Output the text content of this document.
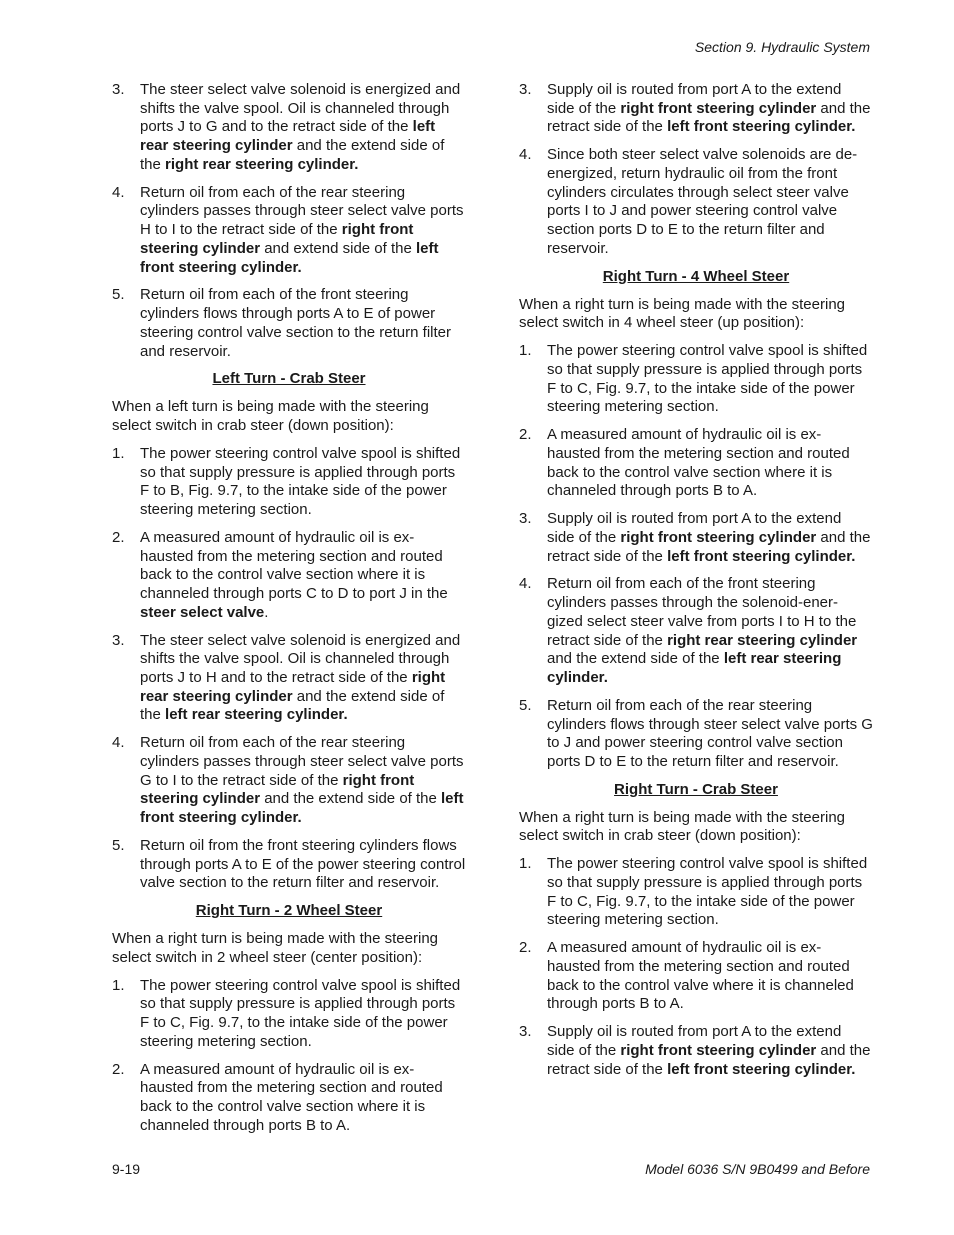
Section 9. Hydraulic System
3. The steer select valve solenoid is energized and shifts the valve spool. Oil is channeled through ports J to G and to the retract side of the left rear steering cylinder and the extend side of the right rear steering cylinder.
4. Return oil from each of the rear steering cylinders passes through steer select valve ports H to I to the retract side of the right front steering cylinder and extend side of the left front steering cylinder.
5. Return oil from each of the front steering cylinders flows through ports A to E of power steering control valve section to the return filter and reservoir.
Left Turn - Crab Steer
When a left turn is being made with the steering select switch in crab steer (down position):
1. The power steering control valve spool is shifted so that supply pressure is applied through ports F to B, Fig. 9.7, to the intake side of the power steering metering section.
2. A measured amount of hydraulic oil is ex-hausted from the metering section and routed back to the control valve section where it is channeled through ports C to D to port J in the steer select valve.
3. The steer select valve solenoid is energized and shifts the valve spool. Oil is channeled through ports J to H and to the retract side of the right rear steering cylinder and the extend side of the left rear steering cylinder.
4. Return oil from each of the rear steering cylinders passes through steer select valve ports G to I to the retract side of the right front steering cylinder and the extend side of the left front steering cylinder.
5. Return oil from the front steering cylinders flows through ports A to E of the power steering control valve section to the return filter and reservoir.
Right Turn - 2 Wheel Steer
When a right turn is being made with the steering select switch in 2 wheel steer (center position):
1. The power steering control valve spool is shifted so that supply pressure is applied through ports F to C, Fig. 9.7, to the intake side of the power steering metering section.
2. A measured amount of hydraulic oil is ex-hausted from the metering section and routed back to the control valve section where it is channeled through ports B to A.
3. Supply oil is routed from port A to the extend side of the right front steering cylinder and the retract side of the left front steering cylinder.
4. Since both steer select valve solenoids are de-energized, return hydraulic oil from the front cylinders circulates through select steer valve ports I to J and power steering control valve section ports D to E to the return filter and reservoir.
Right Turn - 4 Wheel Steer
When a right turn is being made with the steering select switch in 4 wheel steer (up position):
1. The power steering control valve spool is shifted so that supply pressure is applied through ports F to C, Fig. 9.7, to the intake side of the power steering metering section.
2. A measured amount of hydraulic oil is ex-hausted from the metering section and routed back to the control valve section where it is channeled through ports B to A.
3. Supply oil is routed from port A to the extend side of the right front steering cylinder and the retract side of the left front steering cylinder.
4. Return oil from each of the front steering cylinders passes through the solenoid-ener-gized select steer valve from ports I to H to the retract side of the right rear steering cylinder and the extend side of the left rear steering cylinder.
5. Return oil from each of the rear steering cylinders flows through steer select valve ports G to J and power steering control valve section ports D to E to the return filter and reservoir.
Right Turn - Crab Steer
When a right turn is being made with the steering select switch in crab steer (down position):
1. The power steering control valve spool is shifted so that supply pressure is applied through ports F to C, Fig. 9.7, to the intake side of the power steering metering section.
2. A measured amount of hydraulic oil is ex-hausted from the metering section and routed back to the control valve where it is channeled through ports B to A.
3. Supply oil is routed from port A to the extend side of the right front steering cylinder and the retract side of the left front steering cylinder.
9-19	Model 6036 S/N 9B0499 and Before
